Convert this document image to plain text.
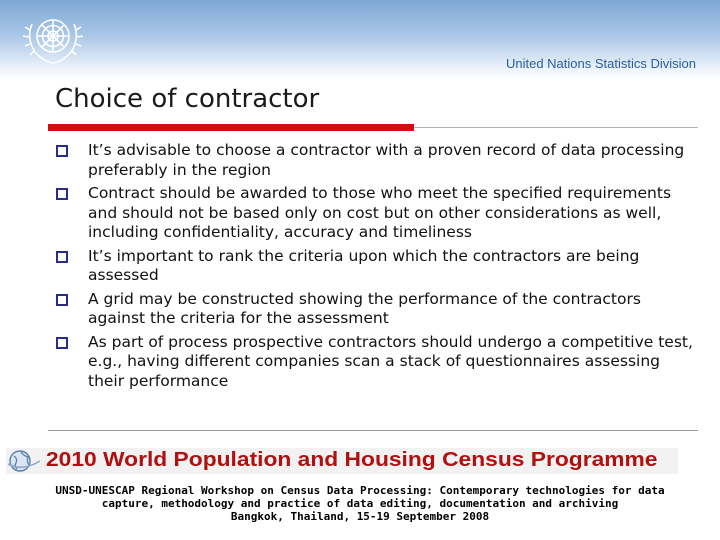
United Nations Statistics Division
Choice of contractor
It’s advisable to choose a contractor with a proven record of data processing preferably in the region
Contract should be awarded to those who meet the specified requirements and should not be based only on cost but on other considerations as well, including confidentiality, accuracy and timeliness
It’s important to rank the criteria upon which the contractors are being assessed
A grid may be constructed showing the performance of the contractors against the criteria for the assessment
As part of process prospective contractors should undergo a competitive test, e.g., having different companies scan a stack of questionnaires assessing their performance
2010 World Population and Housing Census Programme

UNSD-UNESCAP Regional Workshop on Census Data Processing: Contemporary technologies for data
capture, methodology and practice of data editing, documentation and archiving
Bangkok, Thailand, 15-19 September 2008
